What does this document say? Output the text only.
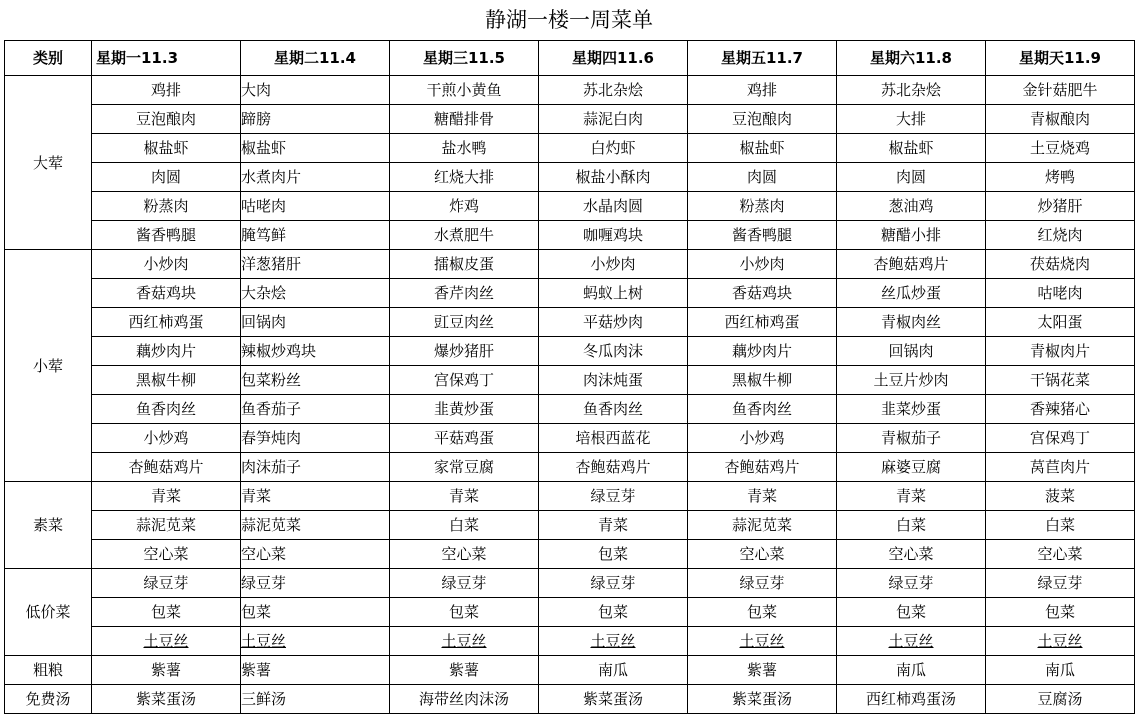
静湖一楼一周菜单
类别	星期一11.3	星期二11.4	星期三11.5	星期四11.6	星期五11.7	星期六11.8	星期天11.9
大荤	鸡排	大肉	干煎小黄鱼	苏北杂烩	鸡排	苏北杂烩	金针菇肥牛
	豆泡酿肉	蹄膀	糖醋排骨	蒜泥白肉	豆泡酿肉	大排	青椒酿肉
	椒盐虾	椒盐虾	盐水鸭	白灼虾	椒盐虾	椒盐虾	土豆烧鸡
	肉圆	水煮肉片	红烧大排	椒盐小酥肉	肉圆	肉圆	烤鸭
	粉蒸肉	咕咾肉	炸鸡	水晶肉圆	粉蒸肉	葱油鸡	炒猪肝
	酱香鸭腿	腌笃鲜	水煮肥牛	咖喱鸡块	酱香鸭腿	糖醋小排	红烧肉
小荤	小炒肉	洋葱猪肝	擂椒皮蛋	小炒肉	小炒肉	杏鲍菇鸡片	茯菇烧肉
	香菇鸡块	大杂烩	香芹肉丝	蚂蚁上树	香菇鸡块	丝瓜炒蛋	咕咾肉
	西红柿鸡蛋	回锅肉	豇豆肉丝	平菇炒肉	西红柿鸡蛋	青椒肉丝	太阳蛋
	藕炒肉片	辣椒炒鸡块	爆炒猪肝	冬瓜肉沫	藕炒肉片	回锅肉	青椒肉片
	黑椒牛柳	包菜粉丝	宫保鸡丁	肉沫炖蛋	黑椒牛柳	土豆片炒肉	干锅花菜
	鱼香肉丝	鱼香茄子	韭黄炒蛋	鱼香肉丝	鱼香肉丝	韭菜炒蛋	香辣猪心
	小炒鸡	春笋炖肉	平菇鸡蛋	培根西蓝花	小炒鸡	青椒茄子	宫保鸡丁
	杏鲍菇鸡片	肉沫茄子	家常豆腐	杏鲍菇鸡片	杏鲍菇鸡片	麻婆豆腐	莴苣肉片
素菜	青菜	青菜	青菜	绿豆芽	青菜	青菜	菠菜
	蒜泥苋菜	蒜泥苋菜	白菜	青菜	蒜泥苋菜	白菜	白菜
	空心菜	空心菜	空心菜	包菜	空心菜	空心菜	空心菜
低价菜	绿豆芽	绿豆芽	绿豆芽	绿豆芽	绿豆芽	绿豆芽	绿豆芽
	包菜	包菜	包菜	包菜	包菜	包菜	包菜
	土豆丝	土豆丝	土豆丝	土豆丝	土豆丝	土豆丝	土豆丝
粗粮	紫薯	紫薯	紫薯	南瓜	紫薯	南瓜	南瓜
免费汤	紫菜蛋汤	三鲜汤	海带丝肉沫汤	紫菜蛋汤	紫菜蛋汤	西红柿鸡蛋汤	豆腐汤
